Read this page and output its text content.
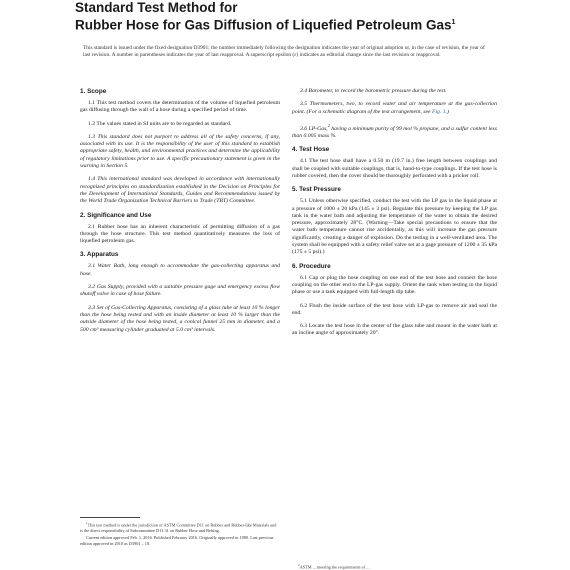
Standard Test Method for

Rubber Hose for Gas Diffusion of Liquefied Petroleum Gas$^1$

This standard is issued under the fixed designation D3901; the number immediately following the designation indicates the year of original adoption or, in the case of revision, the year of last revision. A number in parentheses indicates the year of last reapproval. A superscript epsilon (ε) indicates an editorial change since the last revision or reapproval.

1. Scope

1.1 This test method covers the determination of the volume of liquefied petroleum gas diffusing through the wall of a hose during a specified period of time.

1.2 The values stated in SI units are to be regarded as standard.

1.3 This standard does not purport to address all of the safety concerns, if any, associated with its use. It is the responsibility of the user of this standard to establish appropriate safety, health, and environmental practices and determine the applicability of regulatory limitations prior to use. A specific precautionary statement is given in the warning in Section 5.

1.4 This international standard was developed in accordance with internationally recognized principles on standardization established in the Decision on Principles for the Development of International Standards, Guides and Recommendations issued by the World Trade Organization Technical Barriers to Trade (TBT) Committee.

2. Significance and Use

2.1 Rubber hose has an inherent characteristic of permitting diffusion of a gas through the hose structure. This test method quantitatively measures the loss of liquefied petroleum gas.

3. Apparatus

3.1 Water Bath, long enough to accommodate the gas-collecting apparatus and hose.

3.2 Gas Supply, provided with a suitable pressure gage and emergency excess flow shutoff valve in case of hose failure.

3.3 Set of Gas-Collecting Apparatus, consisting of a glass tube at least 10 % longer than the hose being tested and with an inside diameter at least 10 % larger than the outside diameter of the hose being tested, a conical funnel 25 mm in diameter, and a 500 cm³ measuring cylinder graduated at 5.0 cm³ intervals.

3.4 Barometer, to record the barometric pressure during the test.

3.5 Thermometers, two, to record water and air temperature at the gas-collection point. (For a schematic diagram of the test arrangement, see Fig. 1.)

3.6 LP-Gas,$^2$ having a minimum purity of 99 mol % propane, and a sulfur content less than 0.005 mass %.

4. Test Hose

4.1 The test hose shall have a 0.50 m (19.7 in.) free length between couplings and shall be coupled with suitable couplings, that is, hand-to-type couplings. If the test hose is rubber covered, then the cover should be thoroughly perforated with a pricker roll.

5. Test Pressure

5.1 Unless otherwise specified, conduct the test with the LP gas in the liquid phase at a pressure of 1000 ± 20 kPa (145 ± 3 psi). Regulate this pressure by keeping the LP gas tank in the water bath and adjusting the temperature of the water to obtain the desired pressure, approximately 28°C. (Warning—Take special precautions to ensure that the water bath temperature cannot rise accidentally, as this will increase the gas pressure significantly, creating a danger of explosion. Do the testing in a well-ventilated area. The system shall be equipped with a safety relief valve set at a gage pressure of 1200 ± 35 kPa (175 ± 5 psi).)

6. Procedure

6.1 Cap or plug the hose coupling on one end of the test hose and connect the hose coupling on the other end to the LP-gas supply. Orient the tank when testing in the liquid phase or use a tank equipped with full-length dip tube.

6.2 Flush the inside surface of the test hose with LP-gas to remove air and seal the end.

6.3 Locate the test hose in the center of the glass tube and mount in the water bath at an incline angle of approximately 20°.

$^1$This test method is under the jurisdiction of ASTM Committee D11 on Rubber and Rubber-like Materials and is the direct responsibility of Subcommittee D11.31 on Rubber Hose and Belting.

Current edition approved Feb. 1, 2016. Published February 2016. Originally approved in 1980. Last previous edition approved in 2010 as D3901 – 10.

$^2$ASTM ... meeting the requirements of ...
